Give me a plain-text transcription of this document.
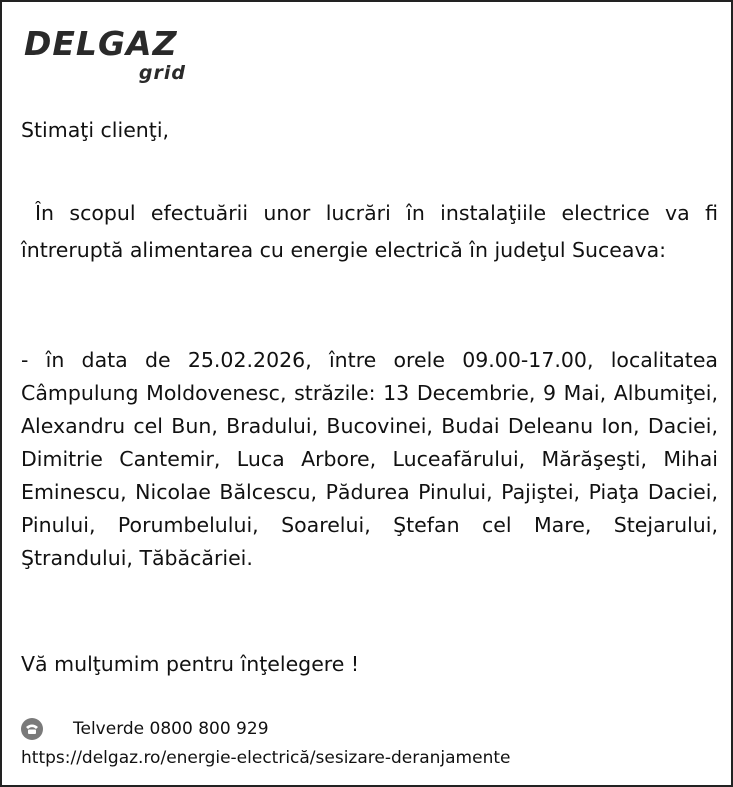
DELGAZ
grid
Stimaţi clienţi,
În scopul efectuării unor lucrări în instalaţiile electrice va fi întreruptă alimentarea cu energie electrică în judeţul Suceava:
- în data de 25.02.2026, între orele 09.00-17.00, localitatea Câmpulung Moldovenesc, străzile: 13 Decembrie, 9 Mai, Albumiţei, Alexandru cel Bun, Bradului, Bucovinei, Budai Deleanu Ion, Daciei, Dimitrie Cantemir, Luca Arbore, Luceafărului, Mărăşeşti, Mihai Eminescu, Nicolae Bălcescu, Pădurea Pinului, Pajiştei, Piaţa Daciei, Pinului, Porumbelului, Soarelui, Ştefan cel Mare, Stejarului, Ştrandului, Tăbăcăriei.
Vă mulţumim pentru înţelegere !
Telverde 0800 800 929
https://delgaz.ro/energie-electrică/sesizare-deranjamente
